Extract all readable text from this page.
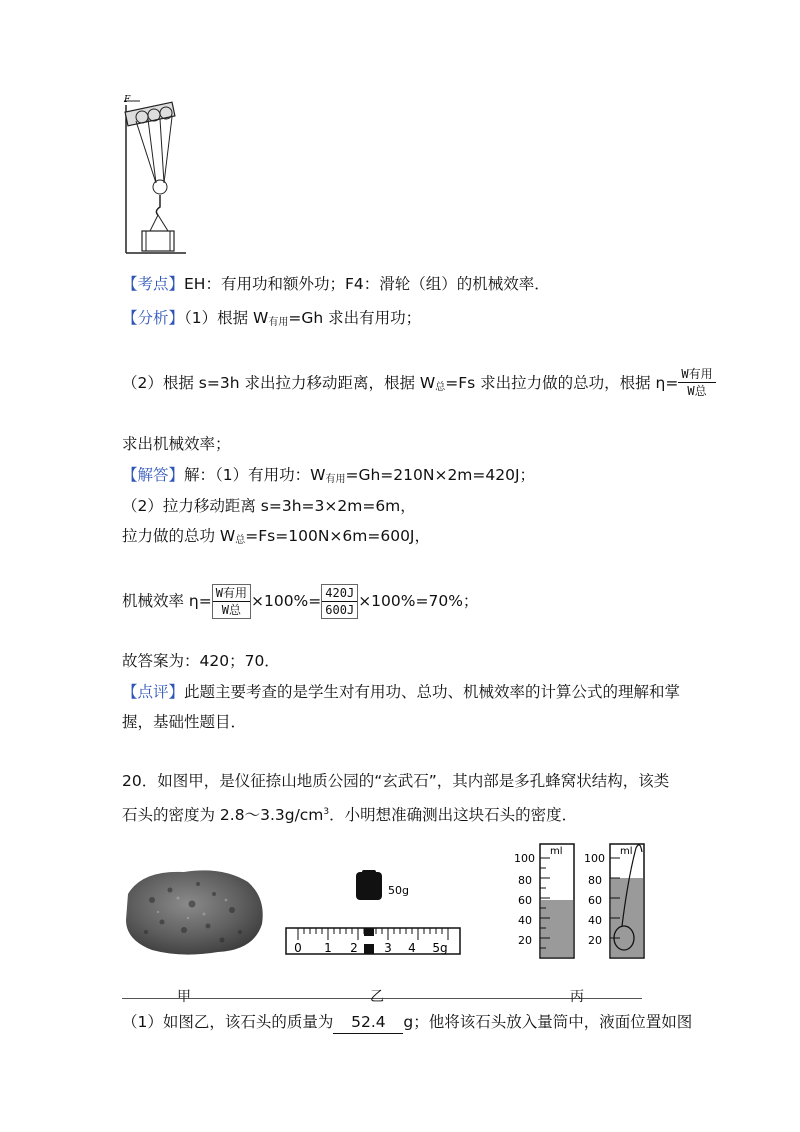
F
【考点】EH：有用功和额外功；F4：滑轮（组）的机械效率．
【分析】（1）根据 $W_{有用}=Gh$ 求出有用功；
（2）根据 s=3h 求出拉力移动距离，根据 $W_总=Fs$ 求出拉力做的总功，根据 $\eta= \frac{\text{W有用}}{\text{W总}}$
求出机械效率；
【解答】解：（1）有用功：$W_{有用}=Gh=210N\times 2m=420J$；
（2）拉力移动距离 s=3h=3×2m=6m，
拉力做的总功 $W_总=Fs=100N\times 6m=600J$，
机械效率 $\eta= \frac{\text{W有用}}{\text{W总}} \times 100\%= \frac{420J}{600J} \times 100\%=70\%$；
故答案为：420；70．
【点评】此题主要考查的是学生对有用功、总功、机械效率的计算公式的理解和掌
握，基础性题目．
20．如图甲，是仪征捺山地质公园的“玄武石”，其内部是多孔蜂窝状结构，该类
石头的密度为 $2.8\sim 3.3g/cm^3$．小明想准确测出这块石头的密度．
50g
0 1 2 3 4 5g
ml
100
80
60
40
20
ml
100
80
60
40
20
甲	乙	丙
（1）如图乙，该石头的质量为 52.4 g；他将该石头放入量筒中，液面位置如图
